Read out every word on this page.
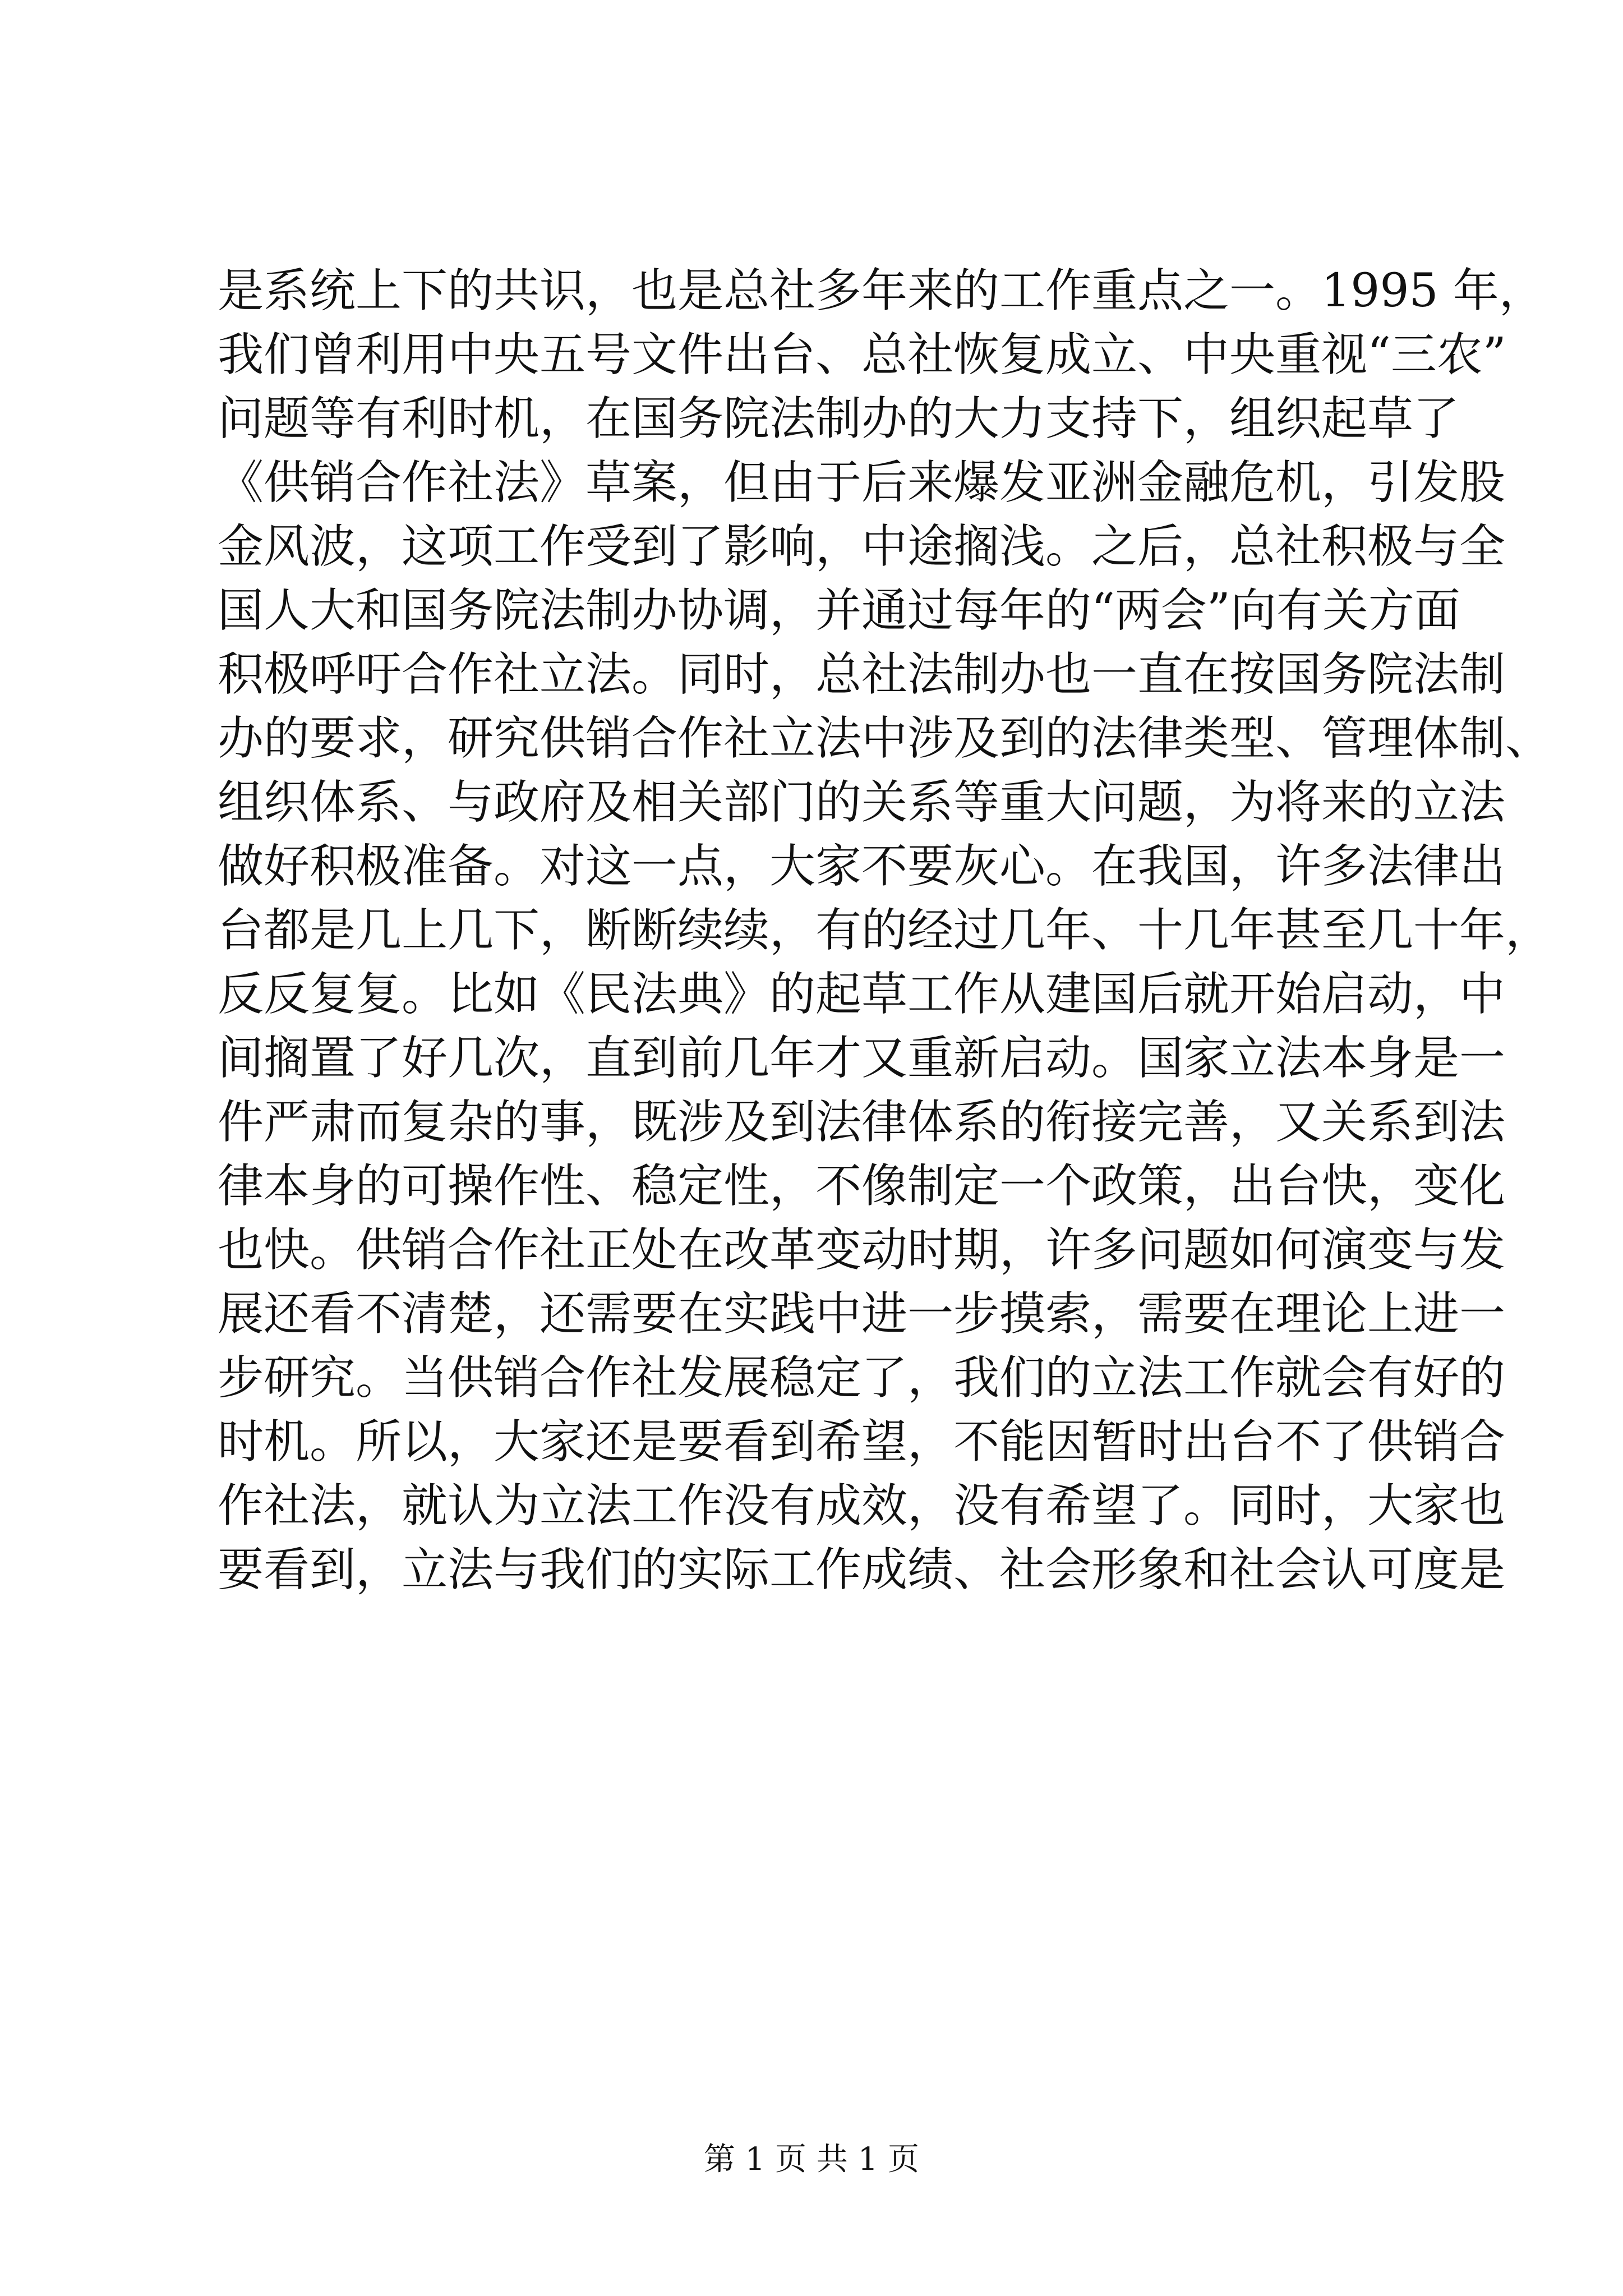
是系统上下的共识，也是总社多年来的工作重点之一。1995 年，
我们曾利用中央五号文件出台、总社恢复成立、中央重视“三农”
问题等有利时机，在国务院法制办的大力支持下，组织起草了
《供销合作社法》草案，但由于后来爆发亚洲金融危机，引发股
金风波，这项工作受到了影响，中途搁浅。之后，总社积极与全
国人大和国务院法制办协调，并通过每年的“两会”向有关方面
积极呼吁合作社立法。同时，总社法制办也一直在按国务院法制
办的要求，研究供销合作社立法中涉及到的法律类型、管理体制、
组织体系、与政府及相关部门的关系等重大问题，为将来的立法
做好积极准备。对这一点，大家不要灰心。在我国，许多法律出
台都是几上几下，断断续续，有的经过几年、十几年甚至几十年，
反反复复。比如《民法典》的起草工作从建国后就开始启动，中
间搁置了好几次，直到前几年才又重新启动。国家立法本身是一
件严肃而复杂的事，既涉及到法律体系的衔接完善，又关系到法
律本身的可操作性、稳定性，不像制定一个政策，出台快，变化
也快。供销合作社正处在改革变动时期，许多问题如何演变与发
展还看不清楚，还需要在实践中进一步摸索，需要在理论上进一
步研究。当供销合作社发展稳定了，我们的立法工作就会有好的
时机。所以，大家还是要看到希望，不能因暂时出台不了供销合
作社法，就认为立法工作没有成效，没有希望了。同时，大家也
要看到，立法与我们的实际工作成绩、社会形象和社会认可度是
第 1 页 共 1 页
